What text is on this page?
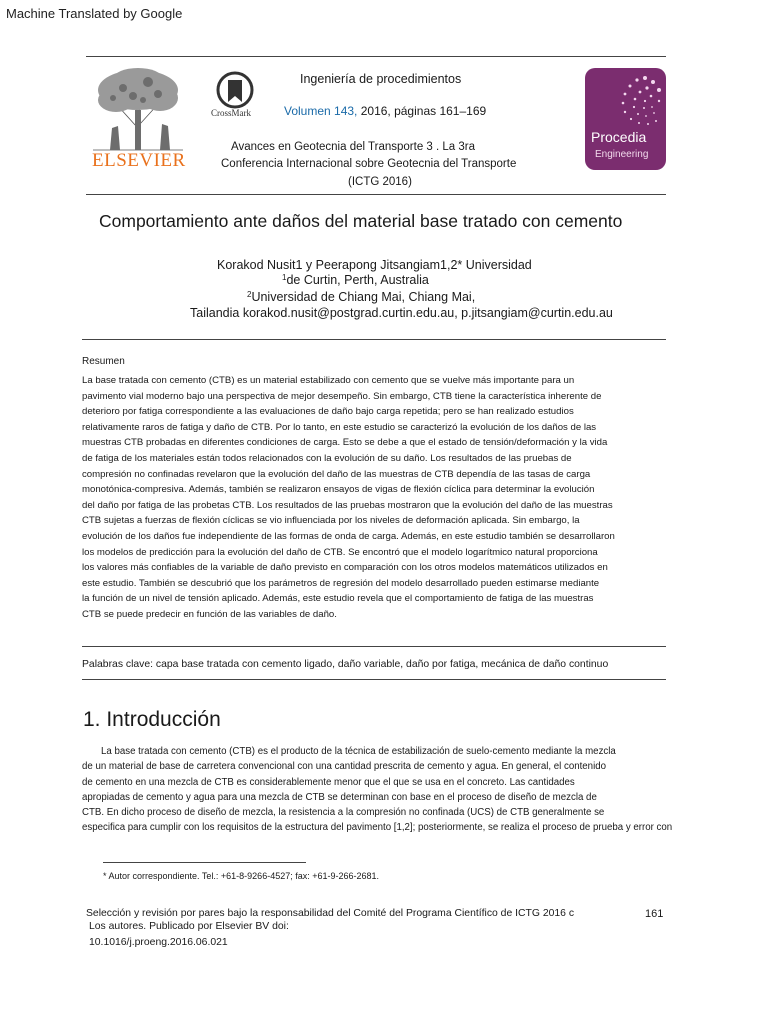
Machine Translated by Google
ELSEVIER
CrossMark
Ingeniería de procedimientos
Volumen 143, 2016, páginas 161–169
Avances en Geotecnia del Transporte 3 . La 3ra
Conferencia Internacional sobre Geotecnia del Transporte
(ICTG 2016)
Procedia
Engineering
Comportamiento ante daños del material base tratado con cemento
Korakod Nusit1 y Peerapong Jitsangiam1,2* Universidad
$^1$de Curtin, Perth, Australia
$^2$Universidad de Chiang Mai, Chiang Mai,
Tailandia korakod.nusit@postgrad.curtin.edu.au, p.jitsangiam@curtin.edu.au
Resumen
La base tratada con cemento (CTB) es un material estabilizado con cemento que se vuelve más importante para un
pavimento vial moderno bajo una perspectiva de mejor desempeño. Sin embargo, CTB tiene la característica inherente de
deterioro por fatiga correspondiente a las evaluaciones de daño bajo carga repetida; pero se han realizado estudios
relativamente raros de fatiga y daño de CTB. Por lo tanto, en este estudio se caracterizó la evolución de los daños de las
muestras CTB probadas en diferentes condiciones de carga. Esto se debe a que el estado de tensión/deformación y la vida
de fatiga de los materiales están todos relacionados con la evolución de su daño. Los resultados de las pruebas de
compresión no confinadas revelaron que la evolución del daño de las muestras de CTB dependía de las tasas de carga
monotónica-compresiva. Además, también se realizaron ensayos de vigas de flexión cíclica para determinar la evolución
del daño por fatiga de las probetas CTB. Los resultados de las pruebas mostraron que la evolución del daño de las muestras
CTB sujetas a fuerzas de flexión cíclicas se vio influenciada por los niveles de deformación aplicada. Sin embargo, la
evolución de los daños fue independiente de las formas de onda de carga. Además, en este estudio también se desarrollaron
los modelos de predicción para la evolución del daño de CTB. Se encontró que el modelo logarítmico natural proporciona
los valores más confiables de la variable de daño previsto en comparación con los otros modelos matemáticos utilizados en
este estudio. También se descubrió que los parámetros de regresión del modelo desarrollado pueden estimarse mediante
la función de un nivel de tensión aplicado. Además, este estudio revela que el comportamiento de fatiga de las muestras
CTB se puede predecir en función de las variables de daño.
Palabras clave: capa base tratada con cemento ligado, daño variable, daño por fatiga, mecánica de daño continuo
1. Introducción
La base tratada con cemento (CTB) es el producto de la técnica de estabilización de suelo-cemento mediante la mezcla
de un material de base de carretera convencional con una cantidad prescrita de cemento y agua. En general, el contenido
de cemento en una mezcla de CTB es considerablemente menor que el que se usa en el concreto. Las cantidades
apropiadas de cemento y agua para una mezcla de CTB se determinan con base en el proceso de diseño de mezcla de
CTB. En dicho proceso de diseño de mezcla, la resistencia a la compresión no confinada (UCS) de CTB generalmente se
especifica para cumplir con los requisitos de la estructura del pavimento [1,2]; posteriormente, se realiza el proceso de prueba y error con
* Autor correspondiente. Tel.: +61-8-9266-4527; fax: +61-9-266-2681.
Selección y revisión por pares bajo la responsabilidad del Comité del Programa Científico de ICTG 2016 c	161
Los autores. Publicado por Elsevier BV doi:
10.1016/j.proeng.2016.06.021
